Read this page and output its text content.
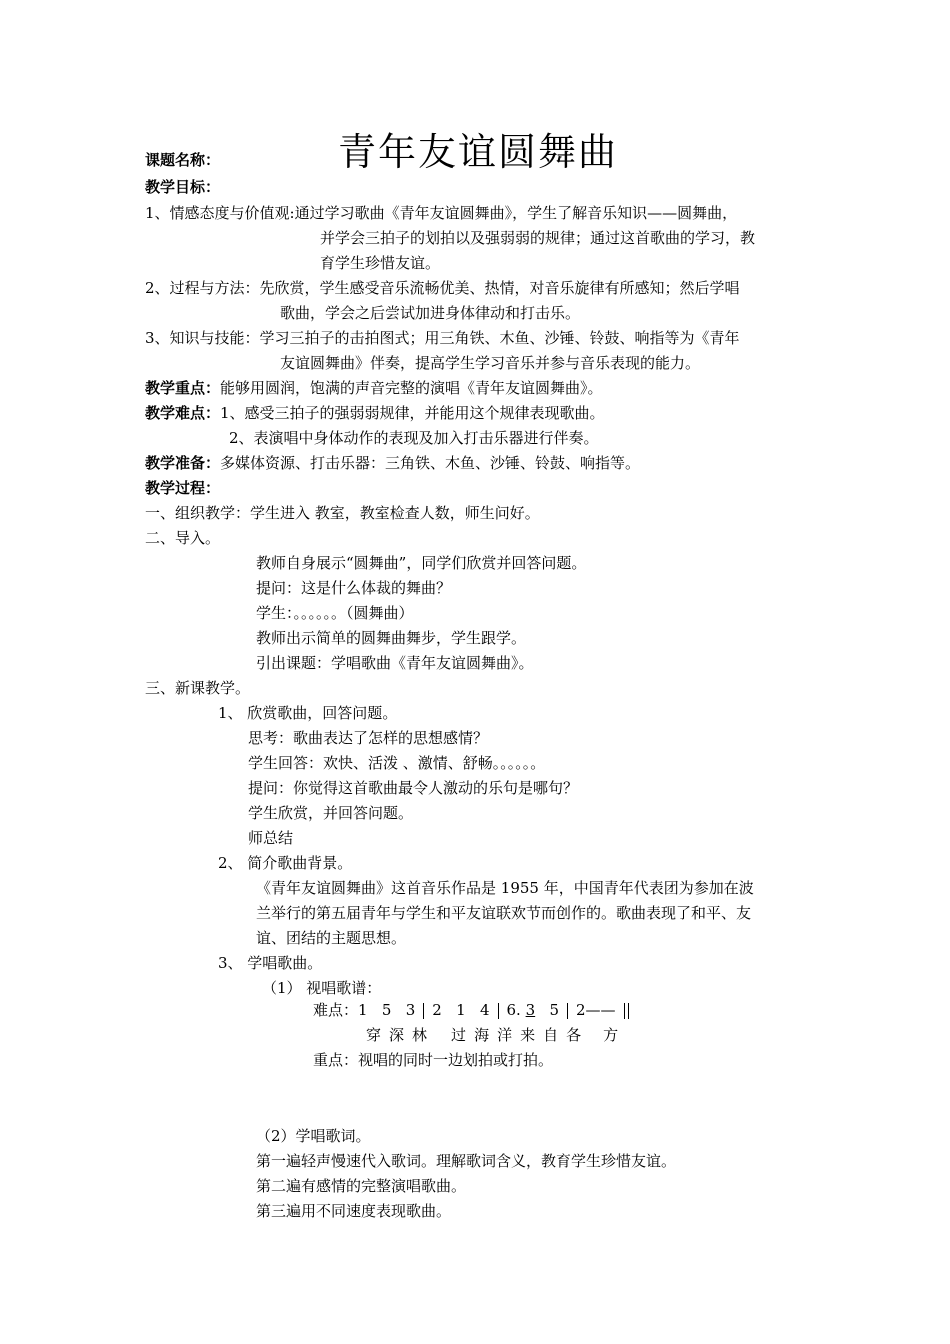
课题名称：	青年友谊圆舞曲
教学目标：
1、情感态度与价值观:通过学习歌曲《青年友谊圆舞曲》，学生了解音乐知识——圆舞曲，
并学会三拍子的划拍以及强弱弱的规律；通过这首歌曲的学习，教
育学生珍惜友谊。
2、过程与方法：先欣赏，学生感受音乐流畅优美、热情，对音乐旋律有所感知；然后学唱
歌曲，学会之后尝试加进身体律动和打击乐。
3、知识与技能：学习三拍子的击拍图式；用三角铁、木鱼、沙锤、铃鼓、响指等为《青年
友谊圆舞曲》伴奏，提高学生学习音乐并参与音乐表现的能力。
教学重点：能够用圆润，饱满的声音完整的演唱《青年友谊圆舞曲》。
教学难点：1、感受三拍子的强弱弱规律，并能用这个规律表现歌曲。
2、表演唱中身体动作的表现及加入打击乐器进行伴奏。
教学准备：多媒体资源、打击乐器：三角铁、木鱼、沙锤、铃鼓、响指等。
教学过程：
一、组织教学：学生进入 教室，教室检查人数，师生问好。
二、导入。
教师自身展示“圆舞曲”，同学们欣赏并回答问题。
提问：这是什么体裁的舞曲？
学生：。。。。。。（圆舞曲）
教师出示简单的圆舞曲舞步，学生跟学。
引出课题：学唱歌曲《青年友谊圆舞曲》。
三、新课教学。
1、 欣赏歌曲，回答问题。
思考：歌曲表达了怎样的思想感情？
学生回答：欢快、活泼 、激情、舒畅。。。。。。
提问：你觉得这首歌曲最令人激动的乐句是哪句？
学生欣赏，并回答问题。
师总结
2、 简介歌曲背景。
《青年友谊圆舞曲》这首音乐作品是 1955 年，中国青年代表团为参加在波
兰举行的第五届青年与学生和平友谊联欢节而创作的。歌曲表现了和平、友
谊、团结的主题思想。
3、 学唱歌曲。
（1） 视唱歌谱：
难点：1   5   3 2   1   4 6. 3 5 2——
穿 深 林 过 海 洋 来 自 各 方
重点：视唱的同时一边划拍或打拍。
（2）学唱歌词。
第一遍轻声慢速代入歌词。理解歌词含义，教育学生珍惜友谊。
第二遍有感情的完整演唱歌曲。
第三遍用不同速度表现歌曲。
